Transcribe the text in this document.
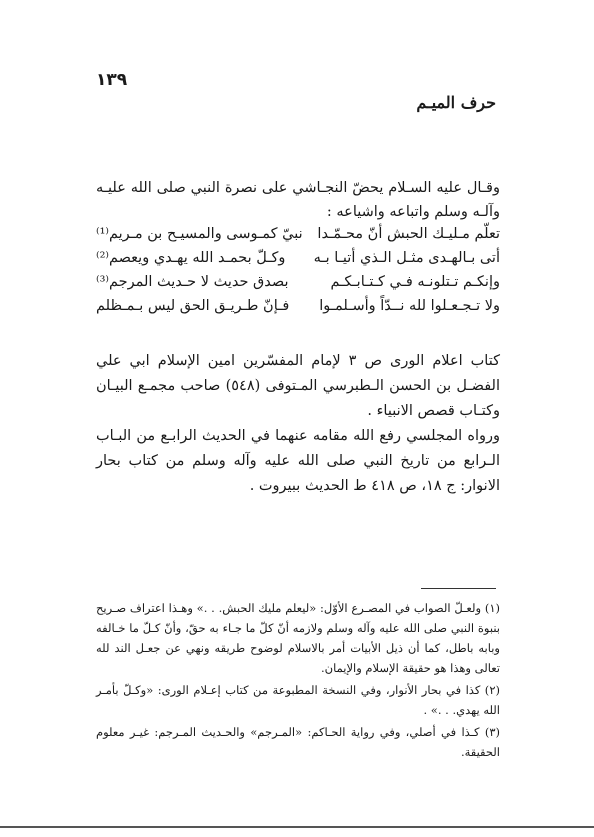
١٣٩
حرف الميـم
وقـال عليه السـلام يحضّ النجـاشي على نصرة النبي صلى الله عليـه وآلـه وسلم واتباعه واشياعه :
تعلّم مـليـك الحبش أنّ محـمّـدا
نبيّ كمـوسى والمسيـح بن مـريم⁽¹⁾
أتى بـالهـدى مثـل الـذي أتيـا بـه
وكـلّ بحمـد الله يهـدي ويعصم⁽²⁾
وإنكـم تـتلونـه فـي كـتـابـكـم
بصدق حديث لا حـديث المرجم⁽³⁾
ولا تـجـعـلوا لله نــدّاً وأسـلمـوا
فـإنّ طـريـق الحق ليس بـمـظلم

كتاب اعلام الورى ص ٣ لإمام المفسّرين امين الإسلام ابي علي الفضـل بن الحسن الـطبرسي المـتوفى (٥٤٨) صاحب مجمـع البيـان وكتـاب قصص الانبياء .

ورواه المجلسي رفع الله مقامه عنهما في الحديث الرابـع من البـاب الـرابع من تاريخ النبي صلى الله عليه وآله وسلم من كتاب بحار الانوار: ج ١٨، ص ٤١٨ ط الحديث ببيروت .

(١) ولعـلّ الصواب في المصـرع الأوّل: «ليعلم مليك الحبش. . .» وهـذا اعتراف صـريح بنبوة النبي صلى الله عليه وآله وسلم ولازمه أنّ كلّ ما جـاء به حقّ، وأنّ كـلّ ما خـالفه وبابه باطل، كما أن ذيل الأبيات أمر بالاسلام لوضوح طريقه ونهي عن جعـل الند لله تعالى وهذا هو حقيقة الإسلام والإيمان.

(٢) كذا في بحار الأنوار، وفي النسخة المطبوعة من كتاب إعـلام الورى: «وكـلّ بأمـر الله يهدي. . .» .

(٣) كـذا في أصلي، وفي رواية الحـاكم: «المـرجم» والحـديث المـرجم: غيـر معلوم الحقيقة.
